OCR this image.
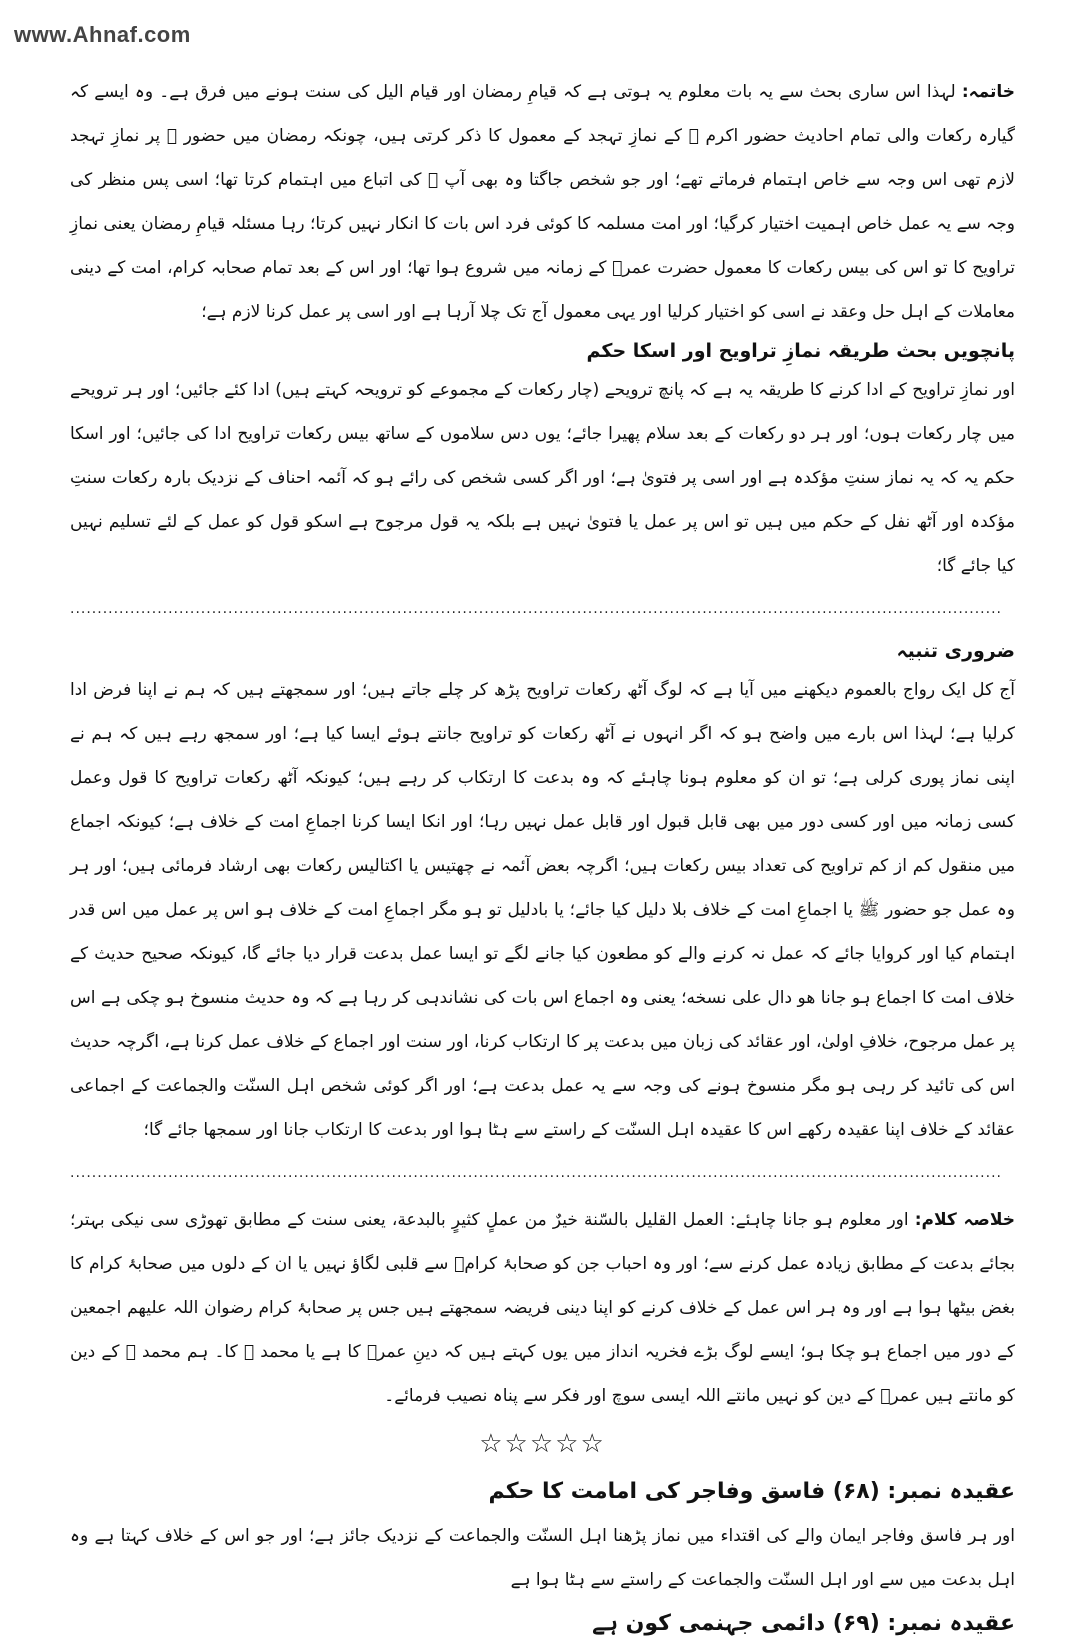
www.Ahnaf.com

خاتمہ: لہذا اس ساری بحث سے یہ بات معلوم یہ ہوتی ہے کہ قیامِ رمضان اور قیام الیل کی سنت ہونے میں فرق ہے۔ وہ ایسے کہ گیارہ رکعات والی تمام احادیث حضور اکرم ﷺ کے نمازِ تہجد کے معمول کا ذکر کرتی ہیں، چونکہ رمضان میں حضور ﷺ پر نمازِ تہجد لازم تھی اس وجہ سے خاص اہتمام فرماتے تھے؛ اور جو شخص جاگتا وہ بھی آپ ﷺ کی اتباع میں اہتمام کرتا تھا؛ اسی پس منظر کی وجہ سے یہ عمل خاص اہمیت اختیار کرگیا؛ اور امت مسلمہ کا کوئی فرد اس بات کا انکار نہیں کرتا؛ رہا مسئلہ قیامِ رمضان یعنی نمازِ تراویح کا تو اس کی بیس رکعات کا معمول حضرت عمرؓ کے زمانہ میں شروع ہوا تھا؛ اور اس کے بعد تمام صحابہ کرام، امت کے دینی معاملات کے اہل حل وعقد نے اسی کو اختیار کرلیا اور یہی معمول آج تک چلا آرہا ہے اور اسی پر عمل کرنا لازم ہے؛

پانچویں بحث طریقہ نمازِ تراویح اور اسکا حکم

اور نمازِ تراویح کے ادا کرنے کا طریقہ یہ ہے کہ پانچ ترویحے (چار رکعات کے مجموعے کو ترویحہ کہتے ہیں) ادا کئے جائیں؛ اور ہر ترویحے میں چار رکعات ہوں؛ اور ہر دو رکعات کے بعد سلام پھیرا جائے؛ یوں دس سلاموں کے ساتھ بیس رکعات تراویح ادا کی جائیں؛ اور اسکا حکم یہ کہ یہ نماز سنتِ مؤکدہ ہے اور اسی پر فتویٰ ہے؛ اور اگر کسی شخص کی رائے ہو کہ آئمہ احناف کے نزدیک بارہ رکعات سنتِ مؤکدہ اور آٹھ نفل کے حکم میں ہیں تو اس پر عمل یا فتویٰ نہیں ہے بلکہ یہ قول مرجوح ہے اسکو قول کو عمل کے لئے تسلیم نہیں کیا جائے گا؛

...........................................................................................................................................................................
ضروری تنبیہ

آج کل ایک رواج بالعموم دیکھنے میں آیا ہے کہ لوگ آٹھ رکعات تراویح پڑھ کر چلے جاتے ہیں؛ اور سمجھتے ہیں کہ ہم نے اپنا فرض ادا کرلیا ہے؛ لہذا اس بارے میں واضح ہو کہ اگر انہوں نے آٹھ رکعات کو تراویح جانتے ہوئے ایسا کیا ہے؛ اور سمجھ رہے ہیں کہ ہم نے اپنی نماز پوری کرلی ہے؛ تو ان کو معلوم ہونا چاہئے کہ وہ بدعت کا ارتکاب کر رہے ہیں؛ کیونکہ آٹھ رکعات تراویح کا قول وعمل کسی زمانہ میں اور کسی دور میں بھی قابل قبول اور قابل عمل نہیں رہا؛ اور انکا ایسا کرنا اجماعِ امت کے خلاف ہے؛ کیونکہ اجماع میں منقول کم از کم تراویح کی تعداد بیس رکعات ہیں؛ اگرچہ بعض آئمہ نے چھتیس یا اکتالیس رکعات بھی ارشاد فرمائی ہیں؛ اور ہر وہ عمل جو حضور ﷺ یا اجماعِ امت کے خلاف بلا دلیل کیا جائے؛ یا بادلیل تو ہو مگر اجماعِ امت کے خلاف ہو اس پر عمل میں اس قدر اہتمام کیا اور کروایا جائے کہ عمل نہ کرنے والے کو مطعون کیا جانے لگے تو ایسا عمل بدعت قرار دیا جائے گا، کیونکہ صحیح حدیث کے خلاف امت کا اجماع ہو جانا ھو دال علی نسخه؛ یعنی وہ اجماع اس بات کی نشاندہی کر رہا ہے کہ وہ حدیث منسوخ ہو چکی ہے اس پر عمل مرجوح، خلافِ اولیٰ، اور عقائد کی زبان میں بدعت پر کا ارتکاب کرنا، اور سنت اور اجماع کے خلاف عمل کرنا ہے، اگرچہ حدیث اس کی تائید کر رہی ہو مگر منسوخ ہونے کی وجہ سے یہ عمل بدعت ہے؛ اور اگر کوئی شخص اہل السنّت والجماعت کے اجماعی عقائد کے خلاف اپنا عقیدہ رکھے اس کا عقیدہ اہل السنّت کے راستے سے ہٹا ہوا اور بدعت کا ارتکاب جانا اور سمجھا جائے گا؛

...........................................................................................................................................................................

خلاصہ کلام: اور معلوم ہو جانا چاہئے: العمل القليل بالسّنة خيرٌ من عملٍ كثيرٍ بالبدعة، یعنی سنت کے مطابق تھوڑی سی نیکی بہتر؛ بجائے بدعت کے مطابق زیادہ عمل کرنے سے؛ اور وہ احباب جن کو صحابۂ کرامؓ سے قلبی لگاؤ نہیں یا ان کے دلوں میں صحابۂ کرام کا بغض بیٹھا ہوا ہے اور وہ ہر اس عمل کے خلاف کرنے کو اپنا دینی فریضہ سمجھتے ہیں جس پر صحابۂ کرام رضوان اللہ علیھم اجمعین کے دور میں اجماع ہو چکا ہو؛ ایسے لوگ بڑے فخریہ انداز میں یوں کہتے ہیں کہ دینِ عمرؓ کا ہے یا محمد ﷺ کا۔ ہم محمد ﷺ کے دین کو مانتے ہیں عمرؓ کے دین کو نہیں مانتے اللہ ایسی سوچ اور فکر سے پناہ نصیب فرمائے۔

☆☆☆☆☆
عقیدہ نمبر: (۶۸) فاسق وفاجر کی امامت کا حکم

اور ہر فاسق وفاجر ایمان والے کی اقتداء میں نماز پڑھنا اہل السنّت والجماعت کے نزدیک جائز ہے؛ اور جو اس کے خلاف کہتا ہے وہ اہل بدعت میں سے اور اہل السنّت والجماعت کے راستے سے ہٹا ہوا ہے

عقیدہ نمبر: (۶۹) دائمی جہنمی کون ہے
